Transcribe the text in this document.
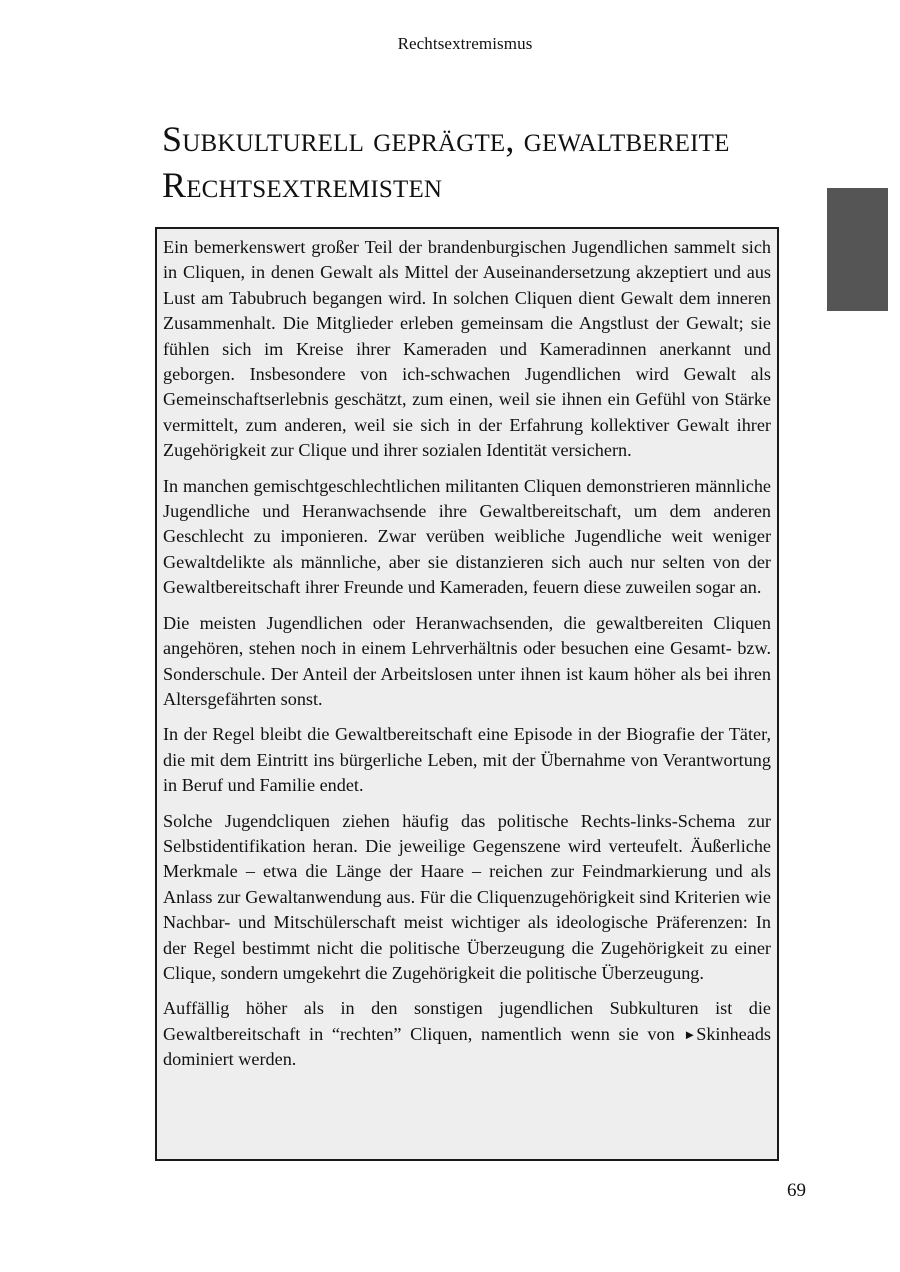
Rechtsextremismus
Subkulturell geprägte, gewaltbereite
Rechtsextremisten

Ein bemerkenswert großer Teil der brandenburgischen Jugendlichen sammelt sich in Cliquen, in denen Gewalt als Mittel der Auseinandersetzung akzeptiert und aus Lust am Tabubruch begangen wird. In solchen Cliquen dient Gewalt dem inneren Zusammenhalt. Die Mitglieder erleben gemeinsam die Angstlust der Gewalt; sie fühlen sich im Kreise ihrer Kameraden und Kameradinnen anerkannt und geborgen. Insbesondere von ich-schwachen Jugendlichen wird Gewalt als Gemeinschaftserlebnis geschätzt, zum einen, weil sie ihnen ein Gefühl von Stärke vermittelt, zum anderen, weil sie sich in der Erfahrung kollektiver Gewalt ihrer Zugehörigkeit zur Clique und ihrer sozialen Identität versichern.

In manchen gemischtgeschlechtlichen militanten Cliquen demonstrieren männliche Jugendliche und Heranwachsende ihre Gewaltbereitschaft, um dem anderen Geschlecht zu imponieren. Zwar verüben weibliche Jugendliche weit weniger Gewaltdelikte als männliche, aber sie distanzieren sich auch nur selten von der Gewaltbereitschaft ihrer Freunde und Kameraden, feuern diese zuweilen sogar an.

Die meisten Jugendlichen oder Heranwachsenden, die gewaltbereiten Cliquen angehören, stehen noch in einem Lehrverhältnis oder besuchen eine Gesamt- bzw. Sonderschule. Der Anteil der Arbeitslosen unter ihnen ist kaum höher als bei ihren Altersgefährten sonst.

In der Regel bleibt die Gewaltbereitschaft eine Episode in der Biografie der Täter, die mit dem Eintritt ins bürgerliche Leben, mit der Übernahme von Verantwortung in Beruf und Familie endet.

Solche Jugendcliquen ziehen häufig das politische Rechts-links-Schema zur Selbstidentifikation heran. Die jeweilige Gegenszene wird verteufelt. Äußerliche Merkmale – etwa die Länge der Haare – reichen zur Feindmarkierung und als Anlass zur Gewaltanwendung aus. Für die Cliquenzugehörigkeit sind Kriterien wie Nachbar- und Mitschülerschaft meist wichtiger als ideologische Präferenzen: In der Regel bestimmt nicht die politische Überzeugung die Zugehörigkeit zu einer Clique, sondern umgekehrt die Zugehörigkeit die politische Überzeugung.

Auffällig höher als in den sonstigen jugendlichen Subkulturen ist die Gewaltbereitschaft in “rechten” Cliquen, namentlich wenn sie von ►Skinheads dominiert werden.

69
